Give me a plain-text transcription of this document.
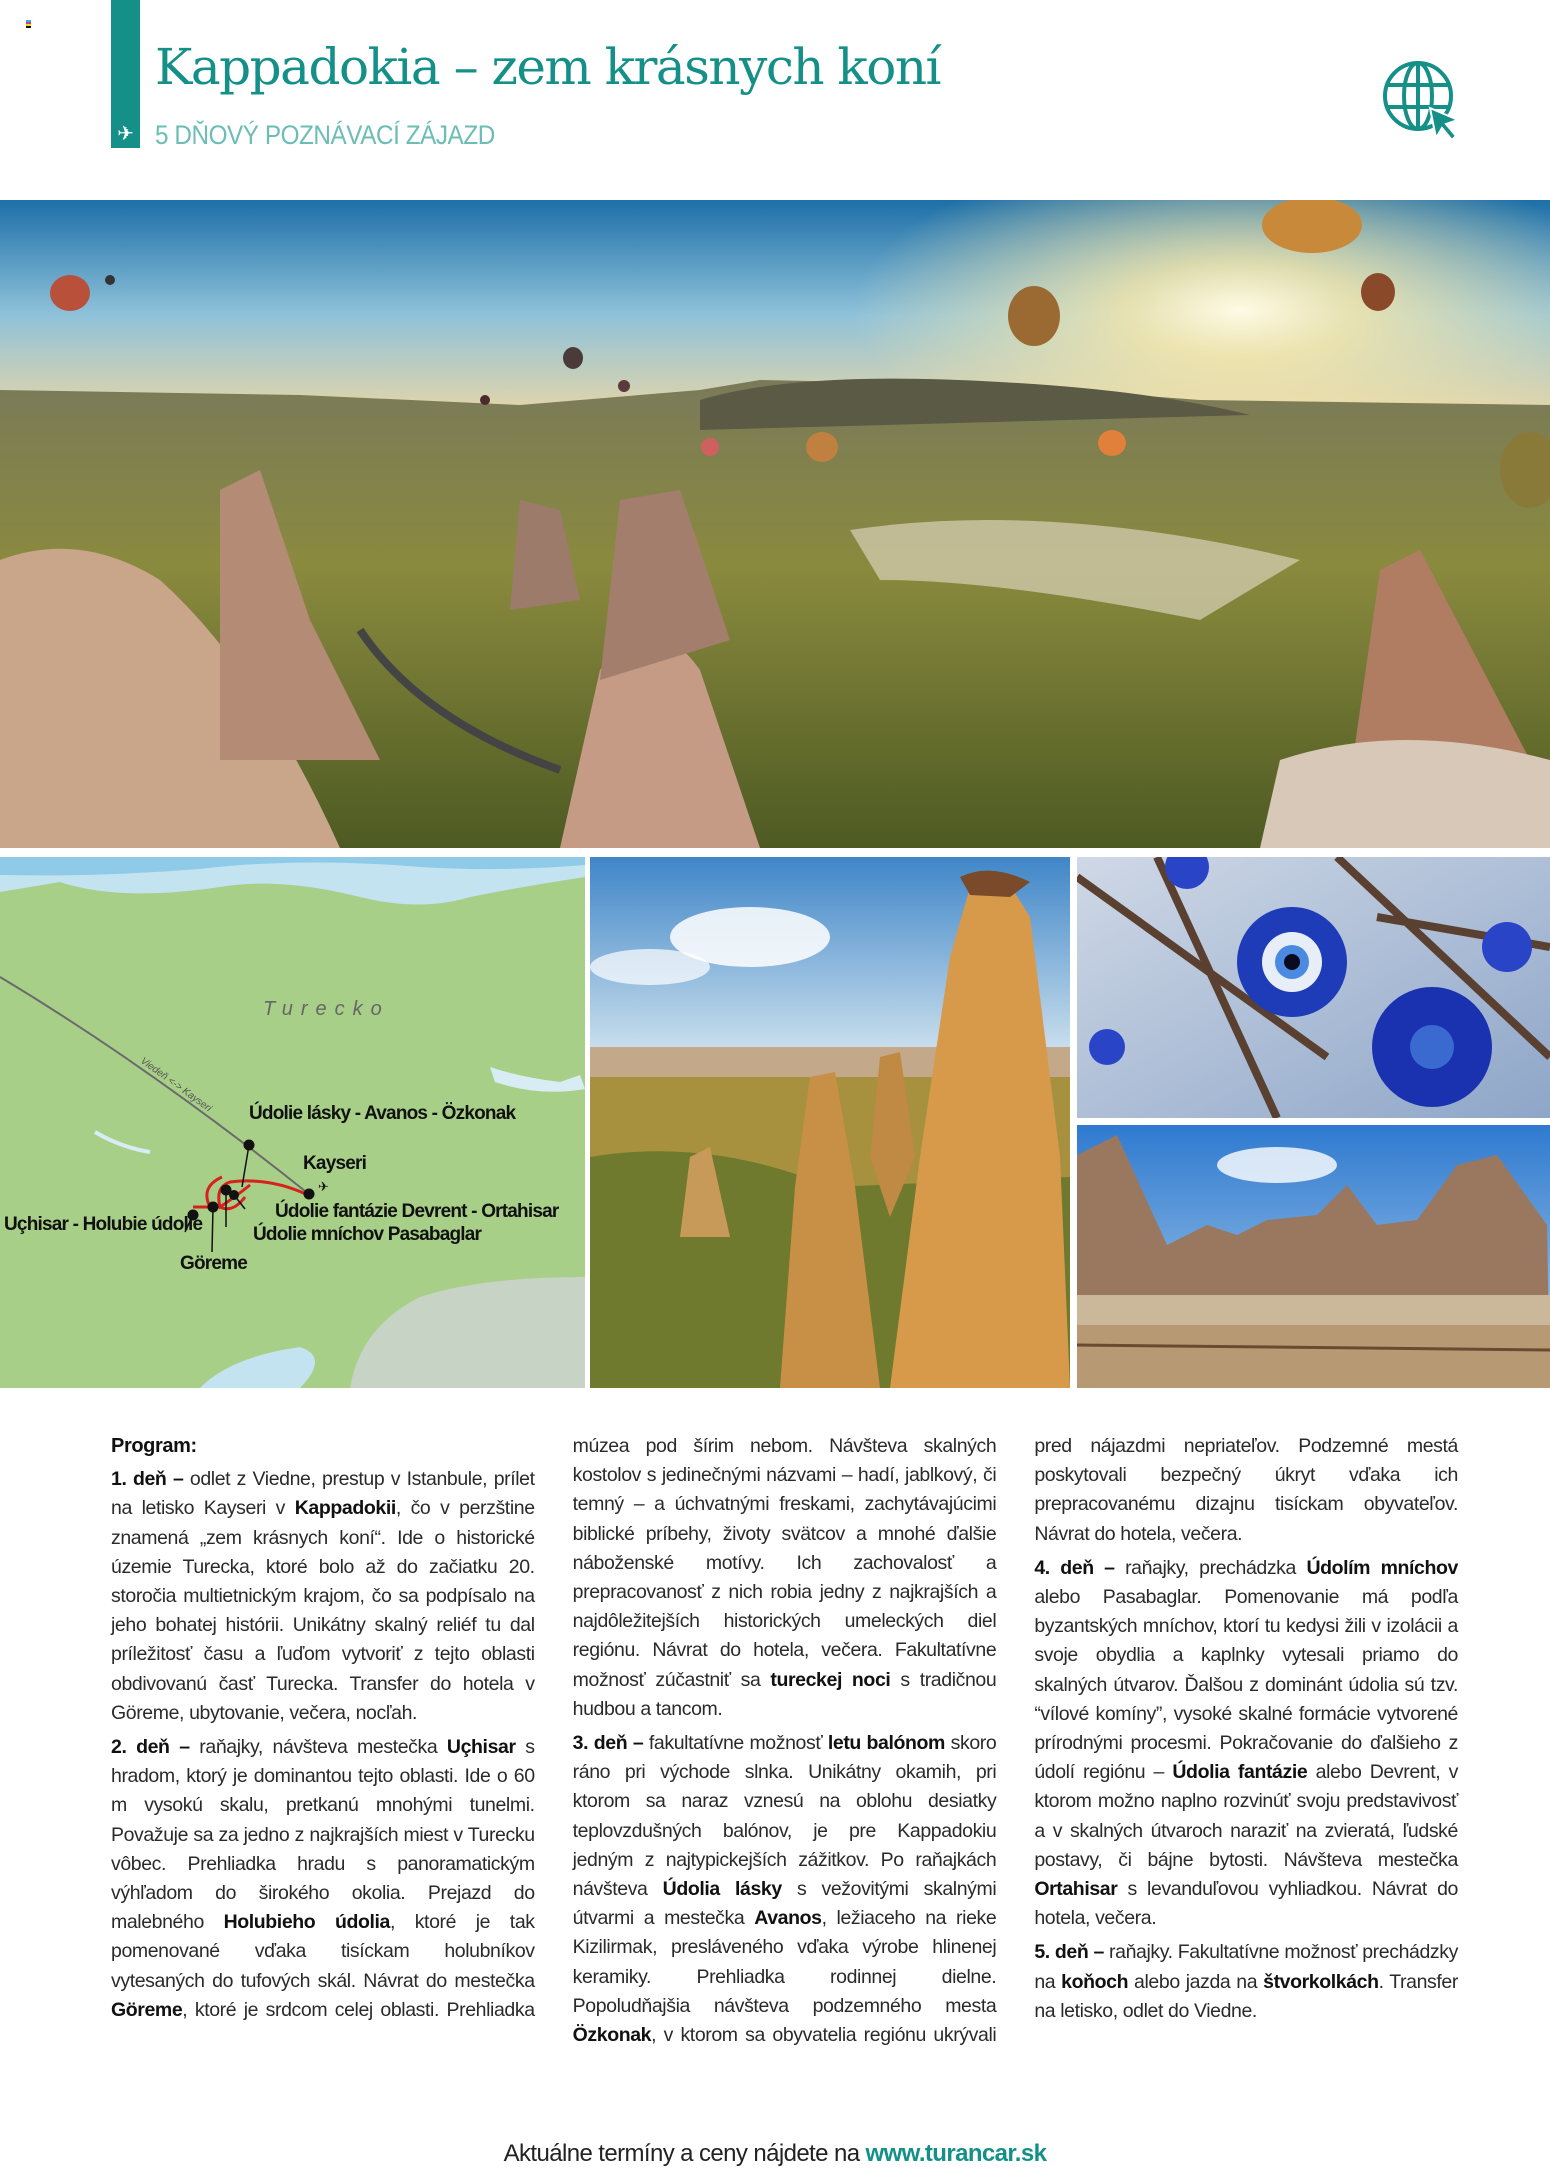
✈
Kappadokia – zem krásnych koní
5 DŇOVÝ POZNÁVACÍ ZÁJAZD
Viedeň <-> Kayseri
Turecko
✈
Údolie lásky - Avanos - Özkonak
Kayseri
Údolie fantázie Devrent - Ortahisar
Údolie mníchov Pasabaglar
Uçhisar - Holubie údolie
Göreme
Program:

1. deň – odlet z Viedne, prestup v Istanbule, prílet na letisko Kayseri v Kappadokii, čo v perzštine znamená „zem krásnych koní“. Ide o historické územie Turecka, ktoré bolo až do začiatku 20. storočia multietnickým krajom, čo sa podpísalo na jeho bohatej histórii. Unikátny skalný reliéf tu dal príležitosť času a ľuďom vytvoriť z tejto oblasti obdivovanú časť Turecka. Transfer do hotela v Göreme, ubytovanie, večera, nocľah.

2. deň – raňajky, návšteva mestečka Uçhisar s hradom, ktorý je dominantou tejto oblasti. Ide o 60 m vysokú skalu, pretkanú mnohými tunelmi. Považuje sa za jedno z najkrajších miest v Turecku vôbec. Prehliadka hradu s panoramatickým výhľadom do širokého okolia. Prejazd do malebného Holubieho údolia, ktoré je tak pomenované vďaka tisíckam holubníkov vytesaných do tufových skál. Návrat do mestečka Göreme, ktoré je srdcom celej oblasti. Prehliadka múzea pod šírim nebom. Návšteva skalných kostolov s jedinečnými názvami – hadí, jablkový, či temný – a úchvatnými freskami, zachytávajúcimi biblické príbehy, životy svätcov a mnohé ďalšie náboženské motívy. Ich zachovalosť a prepracovanosť z nich robia jedny z najkrajších a najdôležitejších historických umeleckých diel regiónu. Návrat do hotela, večera. Fakultatívne možnosť zúčastniť sa tureckej noci s tradičnou hudbou a tancom.

3. deň – fakultatívne možnosť letu balónom skoro ráno pri východe slnka. Unikátny okamih, pri ktorom sa naraz vznesú na oblohu desiatky teplovzdušných balónov, je pre Kappadokiu jedným z najtypickejších zážitkov. Po raňajkách návšteva Údolia lásky s vežovitými skalnými útvarmi a mestečka Avanos, ležiaceho na rieke Kizilirmak, presláveného vďaka výrobe hlinenej keramiky. Prehliadka rodinnej dielne. Popoludňajšia návšteva podzemného mesta Özkonak, v ktorom sa obyvatelia regiónu ukrývali pred nájazdmi nepriateľov. Podzemné mestá poskytovali bezpečný úkryt vďaka ich prepracovanému dizajnu tisíckam obyvateľov. Návrat do hotela, večera.

4. deň – raňajky, prechádzka Údolím mníchov alebo Pasabaglar. Pomenovanie má podľa byzantských mníchov, ktorí tu kedysi žili v izolácii a svoje obydlia a kaplnky vytesali priamo do skalných útvarov. Ďalšou z dominánt údolia sú tzv. “vílové komíny”, vysoké skalné formácie vytvorené prírodnými procesmi. Pokračovanie do ďalšieho z údolí regiónu – Údolia fantázie alebo Devrent, v ktorom možno naplno rozvinúť svoju predstavivosť a v skalných útvaroch naraziť na zvieratá, ľudské postavy, či bájne bytosti. Návšteva mestečka Ortahisar s levanduľovou vyhliadkou. Návrat do hotela, večera.

5. deň – raňajky. Fakultatívne možnosť prechádzky na koňoch alebo jazda na štvorkolkách. Transfer na letisko, odlet do Viedne.

Aktuálne termíny a ceny nájdete na www.turancar.sk
